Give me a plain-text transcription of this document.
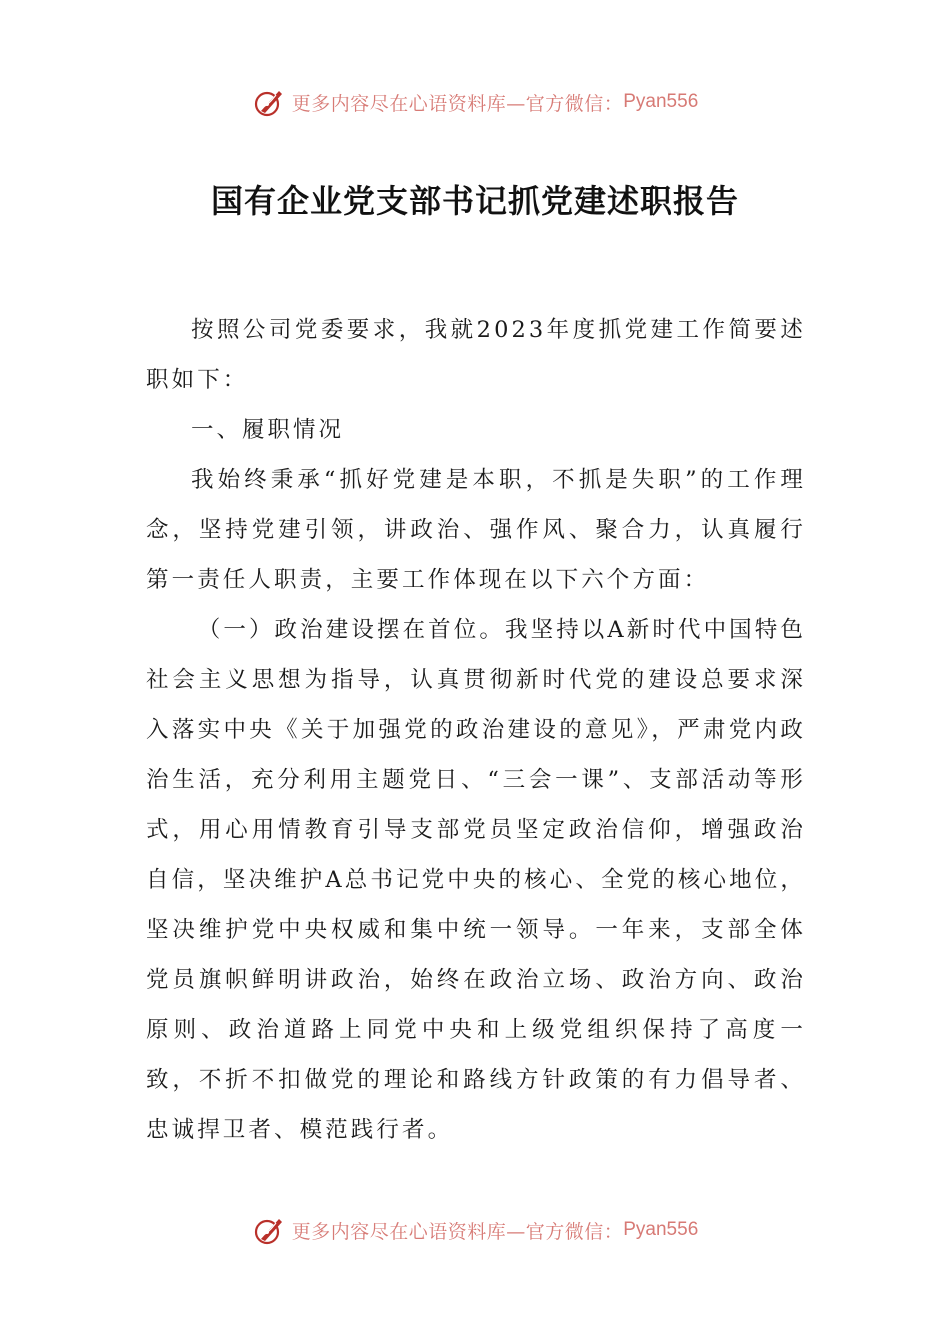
更多内容尽在心语资料库—官方微信： Pyan556
国有企业党支部书记抓党建述职报告

按照公司党委要求，我就2023年度抓党建工作简要述职如下：

一、履职情况

我始终秉承“抓好党建是本职，不抓是失职”的工作理念，坚持党建引领，讲政治、强作风、聚合力，认真履行第一责任人职责，主要工作体现在以下六个方面：

（一）政治建设摆在首位。我坚持以A新时代中国特色社会主义思想为指导，认真贯彻新时代党的建设总要求深入落实中央《关于加强党的政治建设的意见》，严肃党内政治生活，充分利用主题党日、“三会一课”、支部活动等形式，用心用情教育引导支部党员坚定政治信仰，增强政治自信，坚决维护A总书记党中央的核心、全党的核心地位，坚决维护党中央权威和集中统一领导。一年来，支部全体党员旗帜鲜明讲政治，始终在政治立场、政治方向、政治原则、政治道路上同党中央和上级党组织保持了高度一致，不折不扣做党的理论和路线方针政策的有力倡导者、忠诚捍卫者、模范践行者。

更多内容尽在心语资料库—官方微信： Pyan556
